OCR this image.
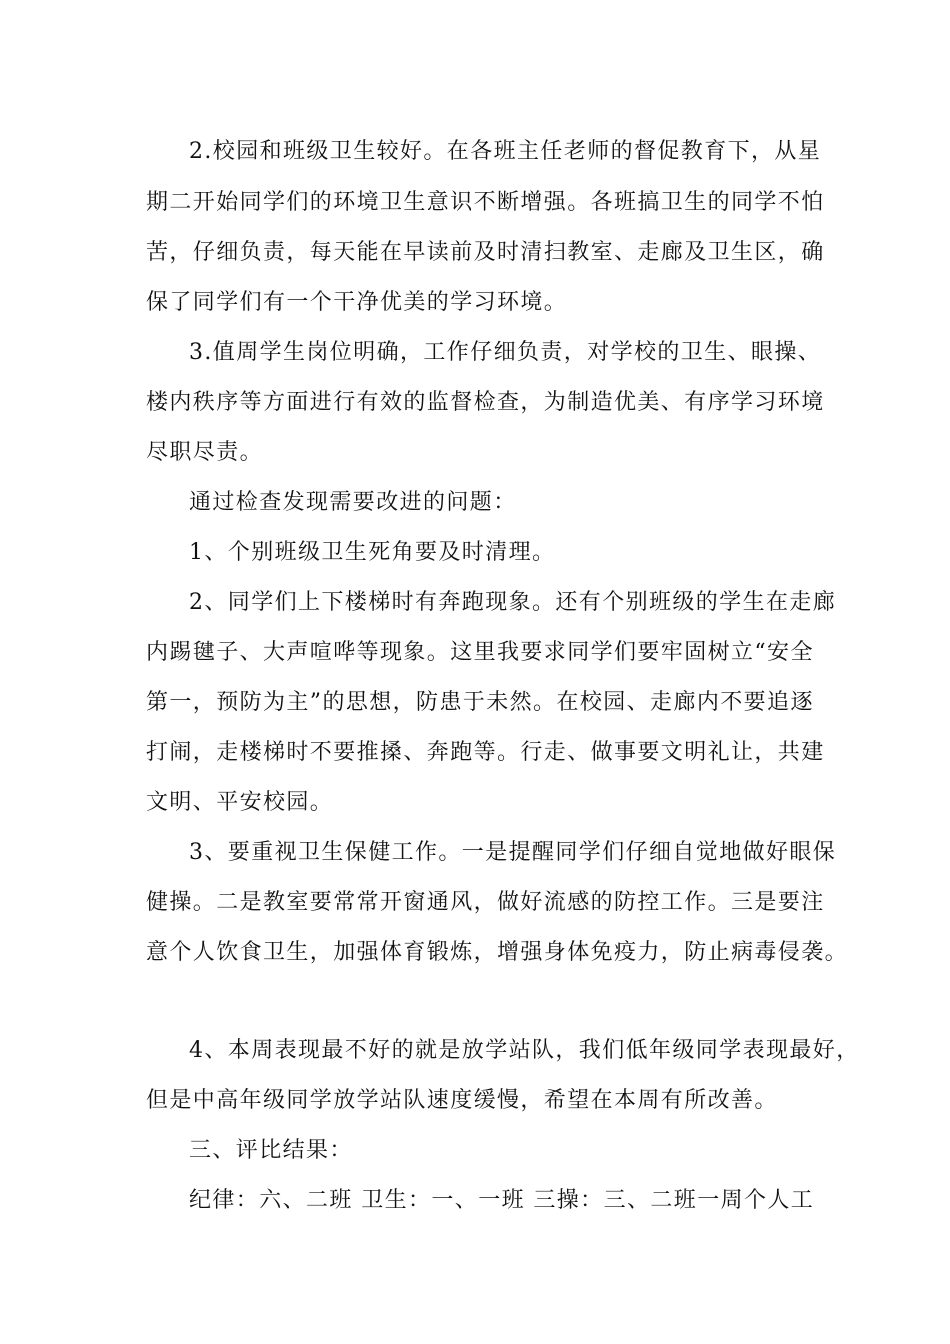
2.校园和班级卫生较好。在各班主任老师的督促教育下，从星
期二开始同学们的环境卫生意识不断增强。各班搞卫生的同学不怕
苦，仔细负责，每天能在早读前及时清扫教室、走廊及卫生区，确
保了同学们有一个干净优美的学习环境。
3.值周学生岗位明确，工作仔细负责，对学校的卫生、眼操、
楼内秩序等方面进行有效的监督检查，为制造优美、有序学习环境
尽职尽责。
通过检查发现需要改进的问题：
1、个别班级卫生死角要及时清理。
2、同学们上下楼梯时有奔跑现象。还有个别班级的学生在走廊
内踢毽子、大声喧哗等现象。这里我要求同学们要牢固树立“安全
第一，预防为主”的思想，防患于未然。在校园、走廊内不要追逐
打闹，走楼梯时不要推搡、奔跑等。行走、做事要文明礼让，共建
文明、平安校园。
3、要重视卫生保健工作。一是提醒同学们仔细自觉地做好眼保
健操。二是教室要常常开窗通风，做好流感的防控工作。三是要注
意个人饮食卫生，加强体育锻炼，增强身体免疫力，防止病毒侵袭。
4、本周表现最不好的就是放学站队，我们低年级同学表现最好，
但是中高年级同学放学站队速度缓慢，希望在本周有所改善。
三、评比结果：
纪律：六、二班 卫生：一、一班 三操：三、二班一周个人工
